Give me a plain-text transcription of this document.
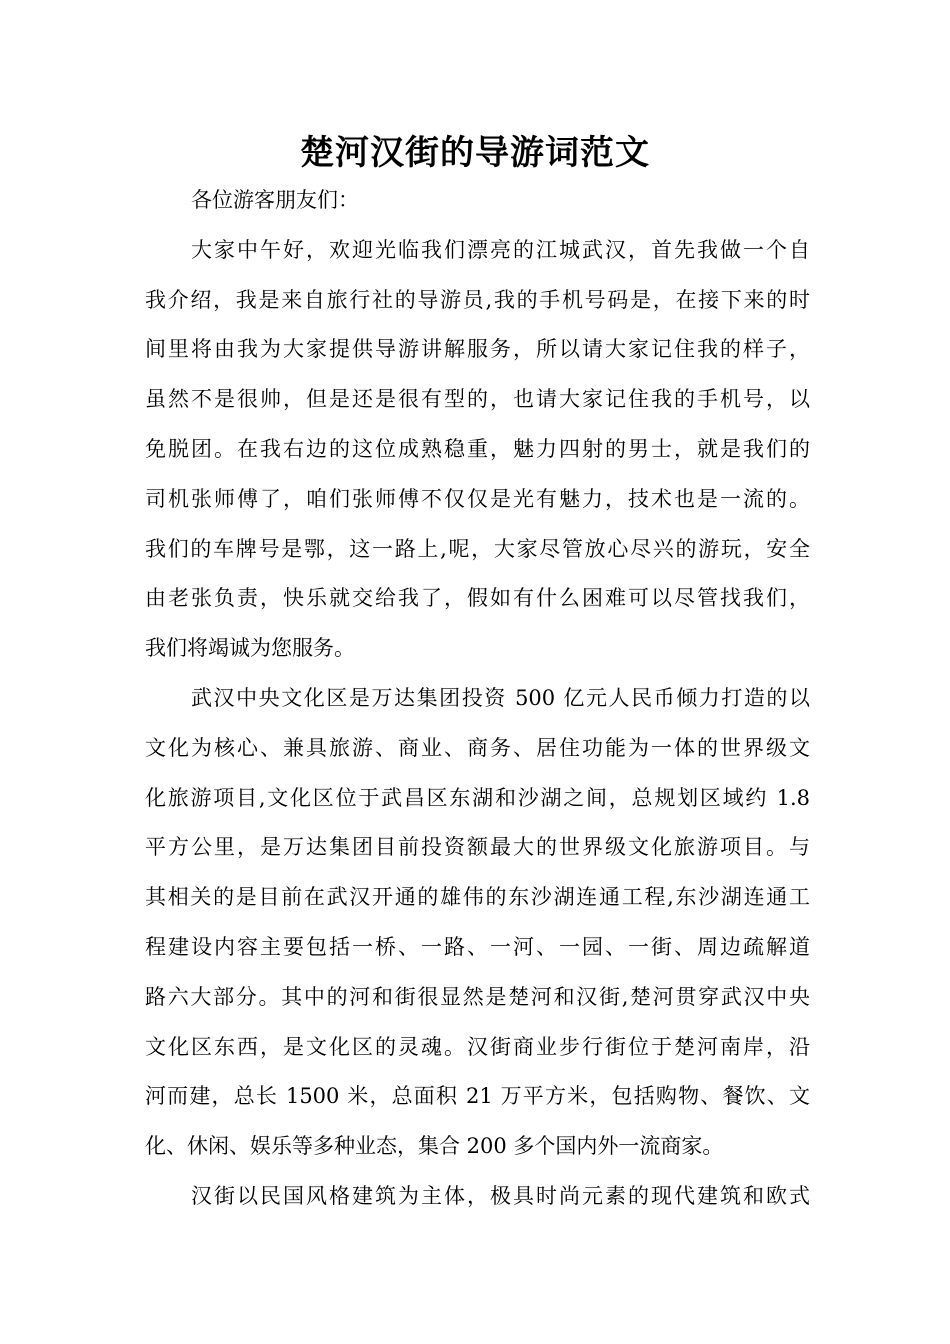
楚河汉街的导游词范文
各位游客朋友们：
大家中午好，欢迎光临我们漂亮的江城武汉，首先我做一个自
我介绍，我是来自旅行社的导游员,我的手机号码是，在接下来的时
间里将由我为大家提供导游讲解服务，所以请大家记住我的样子，
虽然不是很帅，但是还是很有型的，也请大家记住我的手机号，以
免脱团。在我右边的这位成熟稳重，魅力四射的男士，就是我们的
司机张师傅了，咱们张师傅不仅仅是光有魅力，技术也是一流的。
我们的车牌号是鄂，这一路上,呢，大家尽管放心尽兴的游玩，安全
由老张负责，快乐就交给我了，假如有什么困难可以尽管找我们，
我们将竭诚为您服务。
武汉中央文化区是万达集团投资 500 亿元人民币倾力打造的以
文化为核心、兼具旅游、商业、商务、居住功能为一体的世界级文
化旅游项目,文化区位于武昌区东湖和沙湖之间，总规划区域约 1.8
平方公里，是万达集团目前投资额最大的世界级文化旅游项目。与
其相关的是目前在武汉开通的雄伟的东沙湖连通工程,东沙湖连通工
程建设内容主要包括一桥、一路、一河、一园、一街、周边疏解道
路六大部分。其中的河和街很显然是楚河和汉街,楚河贯穿武汉中央
文化区东西，是文化区的灵魂。汉街商业步行街位于楚河南岸，沿
河而建，总长 1500 米，总面积 21 万平方米，包括购物、餐饮、文
化、休闲、娱乐等多种业态，集合 200 多个国内外一流商家。
汉街以民国风格建筑为主体，极具时尚元素的现代建筑和欧式
